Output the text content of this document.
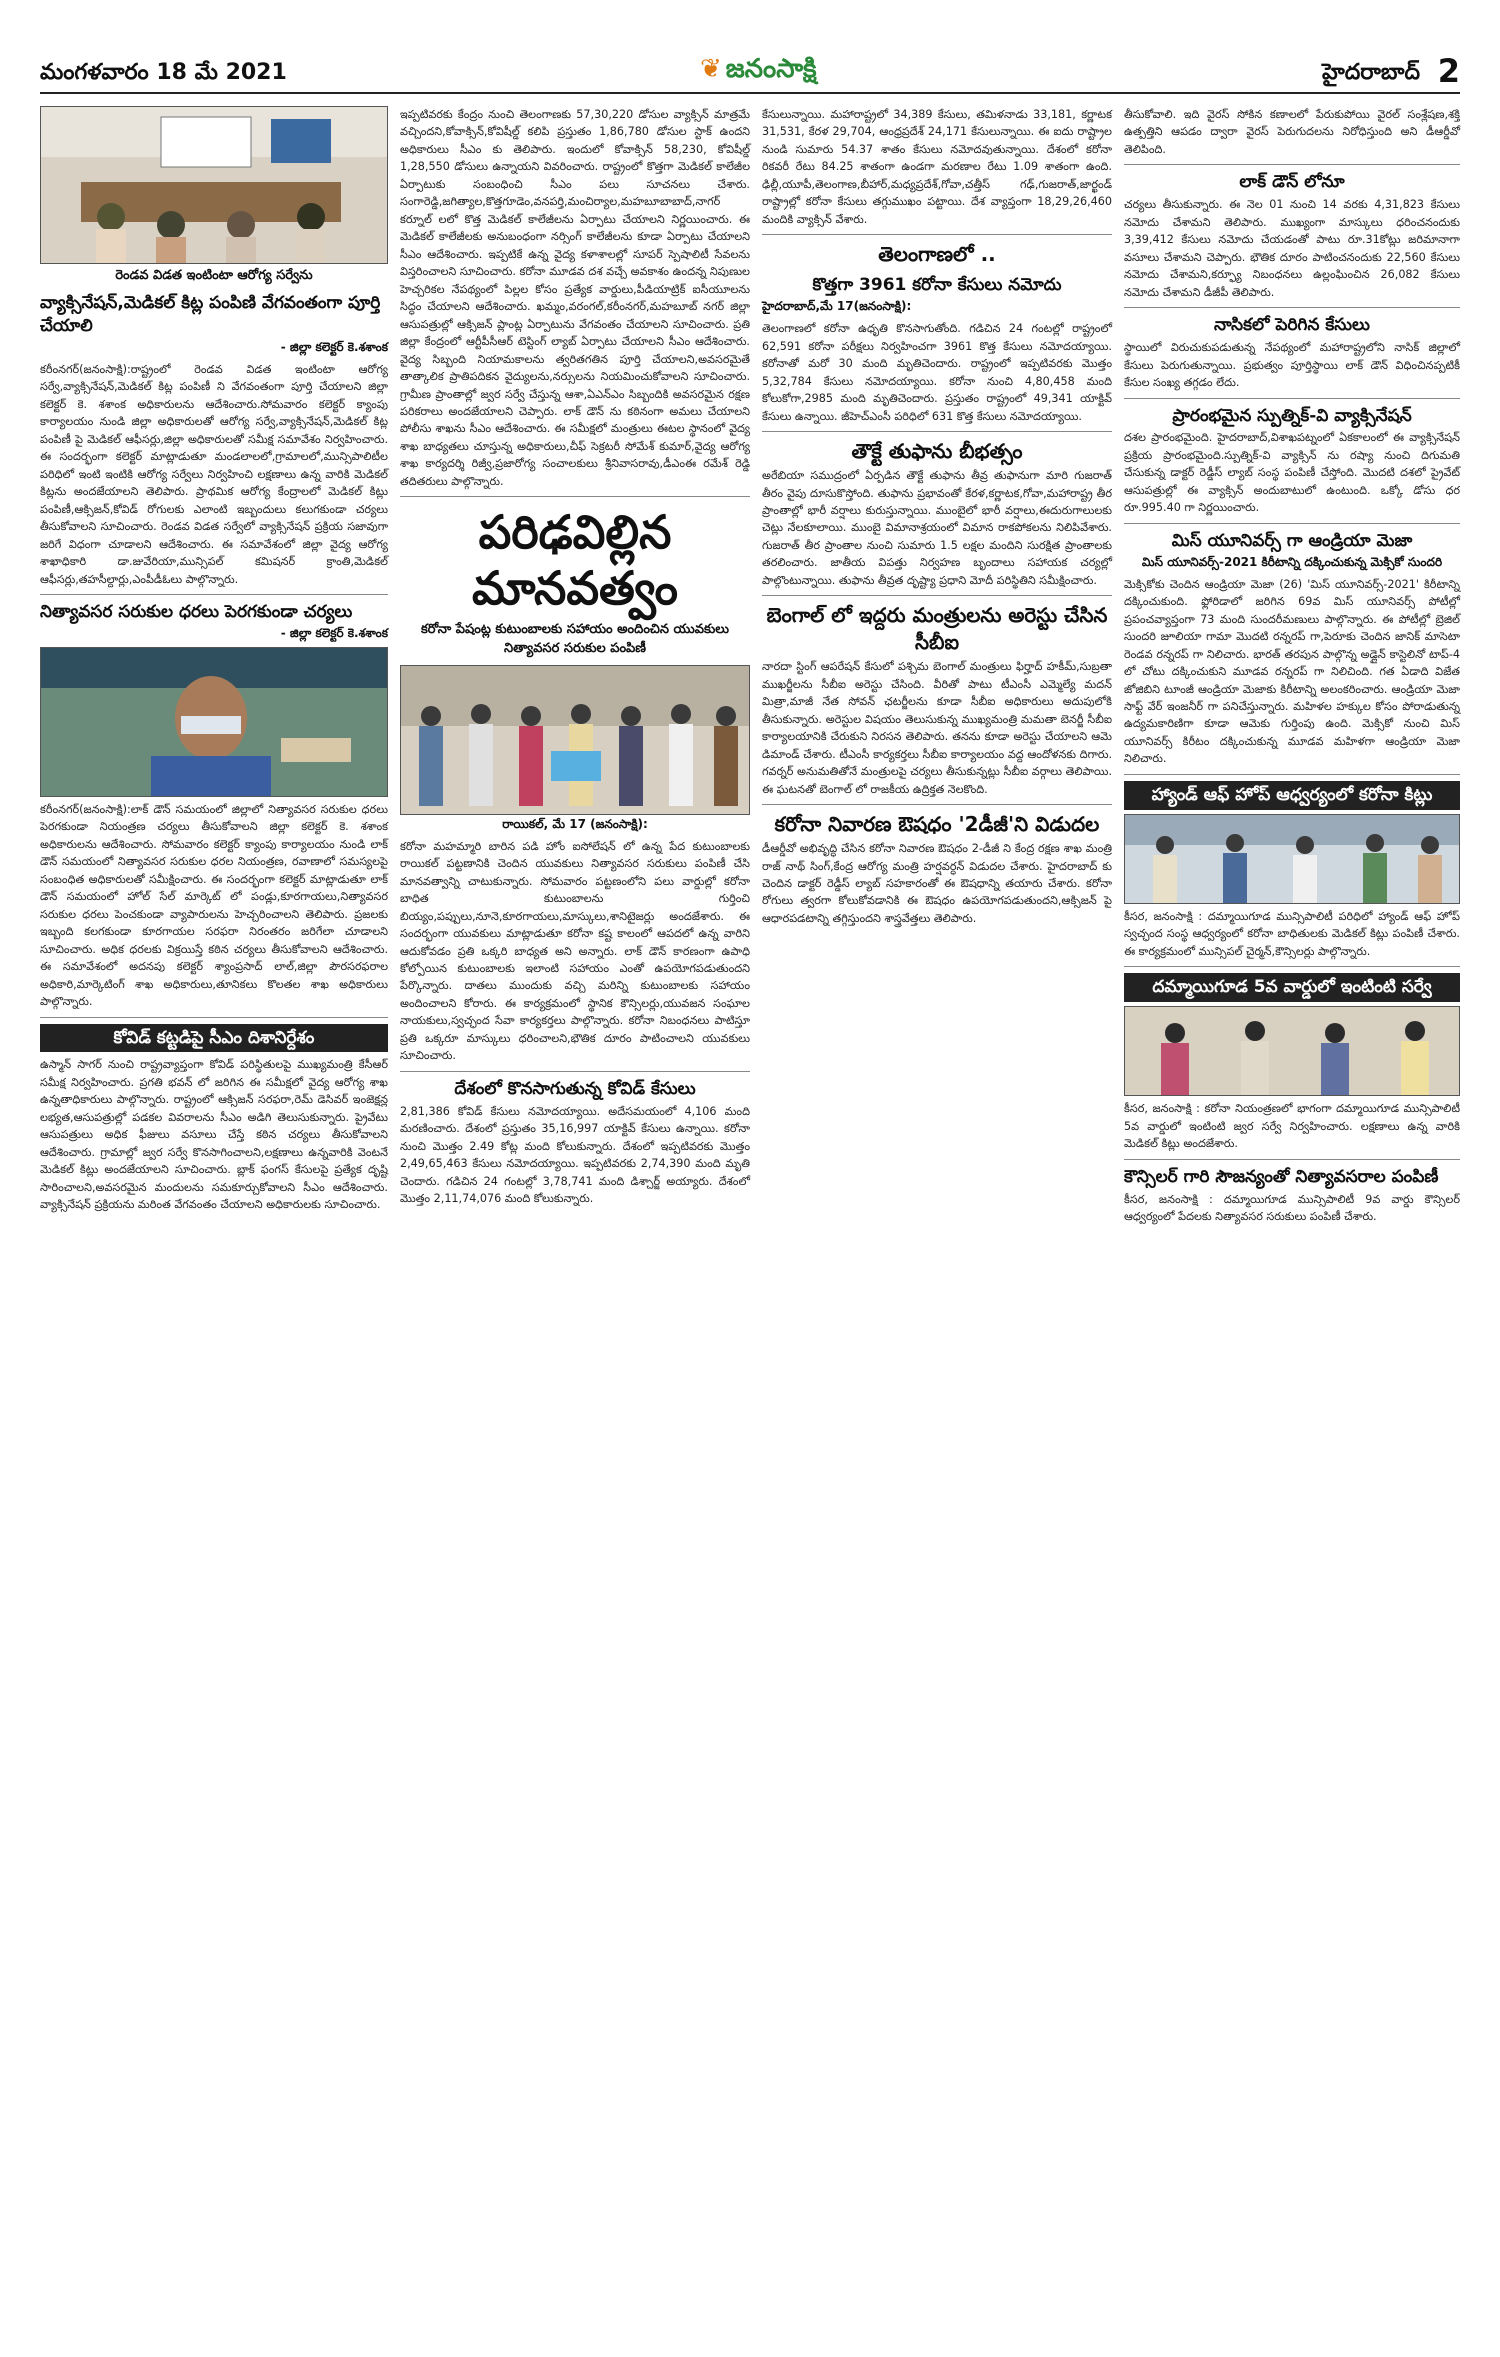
మంగళవారం 18 మే 2021	❦ జనంసాక్షి	హైదరాబాద్ 2
రెండవ విడత ఇంటింటా ఆరోగ్య సర్వేను
వ్యాక్సినేషన్,మెడికల్ కిట్ల పంపిణి వేగవంతంగా పూర్తి చేయాలి
- జిల్లా కలెక్టర్ కె.శశాంక
కరీంనగర్(జనంసాక్షి):రాష్ట్రంలో రెండవ విడత ఇంటింటా ఆరోగ్య సర్వే,వ్యాక్సినేషన్,మెడికల్ కిట్ల పంపిణీ ని వేగవంతంగా పూర్తి చేయాలని జిల్లా కలెక్టర్ కె. శశాంక అధికారులను ఆదేశించారు.సోమవారం కలెక్టర్ క్యాంపు కార్యాలయం నుండి జిల్లా అధికారులతో ఆరోగ్య సర్వే,వ్యాక్సినేషన్,మెడికల్ కిట్ల పంపిణీ పై మెడికల్ ఆఫీసర్లు,జిల్లా అధికారులతో సమీక్ష సమావేశం నిర్వహించారు. ఈ సందర్భంగా కలెక్టర్ మాట్లాడుతూ మండలాలలో,గ్రామాలలో,మున్సిపాలిటీల పరిధిలో ఇంటి ఇంటికి ఆరోగ్య సర్వేలు నిర్వహించి లక్షణాలు ఉన్న వారికి మెడికల్ కిట్లను అందజేయాలని తెలిపారు. ప్రాథమిక ఆరోగ్య కేంద్రాలలో మెడికల్ కిట్లు పంపిణీ,ఆక్సిజన్,కోవిడ్ రోగులకు ఎలాంటి ఇబ్బందులు కలుగకుండా చర్యలు తీసుకోవాలని సూచించారు. రెండవ విడత సర్వేలో వ్యాక్సినేషన్ ప్రక్రియ సజావుగా జరిగే విధంగా చూడాలని ఆదేశించారు. ఈ సమావేశంలో జిల్లా వైద్య ఆరోగ్య శాఖాధికారి డా.జువేరియా,మున్సిపల్ కమిషనర్ క్రాంతి,మెడికల్ ఆఫీసర్లు,తహసీల్దార్లు,ఎంపీడీఓలు పాల్గొన్నారు.
నిత్యావసర సరుకుల ధరలు పెరగకుండా చర్యలు
- జిల్లా కలెక్టర్ కె.శశాంక
కరీంనగర్(జనంసాక్షి):లాక్ డౌన్ సమయంలో జిల్లాలో నిత్యావసర సరుకుల ధరలు పెరగకుండా నియంత్రణ చర్యలు తీసుకోవాలని జిల్లా కలెక్టర్ కె. శశాంక అధికారులను ఆదేశించారు. సోమవారం కలెక్టర్ క్యాంపు కార్యాలయం నుండి లాక్ డౌన్ సమయంలో నిత్యావసర సరుకుల ధరల నియంత్రణ, రవాణాలో సమస్యలపై సంబంధిత అధికారులతో సమీక్షించారు. ఈ సందర్భంగా కలెక్టర్ మాట్లాడుతూ లాక్ డౌన్ సమయంలో హోల్ సేల్ మార్కెట్ లో పండ్లు,కూరగాయలు,నిత్యావసర సరుకుల ధరలు పెంచకుండా వ్యాపారులను హెచ్చరించాలని తెలిపారు. ప్రజలకు ఇబ్బంది కలగకుండా కూరగాయల సరఫరా నిరంతరం జరిగేలా చూడాలని సూచించారు. అధిక ధరలకు విక్రయిస్తే కఠిన చర్యలు తీసుకోవాలని ఆదేశించారు. ఈ సమావేశంలో అదనపు కలెక్టర్ శ్యాంప్రసాద్ లాల్,జిల్లా పౌరసరఫరాల అధికారి,మార్కెటింగ్ శాఖ అధికారులు,తూనికలు కొలతల శాఖ అధికారులు పాల్గొన్నారు.
కోవిడ్ కట్టడిపై సీఎం దిశానిర్దేశం
ఉస్మాన్ సాగర్ నుంచి రాష్ట్రవ్యాప్తంగా కోవిడ్ పరిస్థితులపై ముఖ్యమంత్రి కేసీఆర్ సమీక్ష నిర్వహించారు. ప్రగతి భవన్ లో జరిగిన ఈ సమీక్షలో వైద్య ఆరోగ్య శాఖ ఉన్నతాధికారులు పాల్గొన్నారు. రాష్ట్రంలో ఆక్సిజన్ సరఫరా,రెమ్ డెసివర్ ఇంజెక్షన్ల లభ్యత,ఆసుపత్రుల్లో పడకల వివరాలను సీఎం అడిగి తెలుసుకున్నారు. ప్రైవేటు ఆసుపత్రులు అధిక ఫీజులు వసూలు చేస్తే కఠిన చర్యలు తీసుకోవాలని ఆదేశించారు. గ్రామాల్లో జ్వర సర్వే కొనసాగించాలని,లక్షణాలు ఉన్నవారికి వెంటనే మెడికల్ కిట్లు అందజేయాలని సూచించారు. బ్లాక్ ఫంగస్ కేసులపై ప్రత్యేక దృష్టి సారించాలని,అవసరమైన మందులను సమకూర్చుకోవాలని సీఎం ఆదేశించారు. వ్యాక్సినేషన్ ప్రక్రియను మరింత వేగవంతం చేయాలని అధికారులకు సూచించారు.
ఇప్పటివరకు కేంద్రం నుంచి తెలంగాణకు 57,30,220 డోసుల వ్యాక్సిన్ మాత్రమే వచ్చిందని,కోవాక్సిన్,కోవిషీల్డ్ కలిపి ప్రస్తుతం 1,86,780 డోసుల స్టాక్ ఉందని అధికారులు సీఎం కు తెలిపారు. ఇందులో కోవాక్సిన్ 58,230, కోవిషీల్డ్ 1,28,550 డోసులు ఉన్నాయని వివరించారు. రాష్ట్రంలో కొత్తగా మెడికల్ కాలేజీల ఏర్పాటుకు సంబంధించి సీఎం పలు సూచనలు చేశారు. సంగారెడ్డి,జగిత్యాల,కొత్తగూడెం,వనపర్తి,మంచిర్యాల,మహబూబాబాద్,నాగర్ కర్నూల్ లలో కొత్త మెడికల్ కాలేజీలను ఏర్పాటు చేయాలని నిర్ణయించారు. ఈ మెడికల్ కాలేజీలకు అనుబంధంగా నర్సింగ్ కాలేజీలను కూడా ఏర్పాటు చేయాలని సీఎం ఆదేశించారు. ఇప్పటికే ఉన్న వైద్య కళాశాలల్లో సూపర్ స్పెషాలిటీ సేవలను విస్తరించాలని సూచించారు. కరోనా మూడవ దశ వచ్చే అవకాశం ఉందన్న నిపుణుల హెచ్చరికల నేపథ్యంలో పిల్లల కోసం ప్రత్యేక వార్డులు,పీడియాట్రిక్ ఐసీయూలను సిద్ధం చేయాలని ఆదేశించారు. ఖమ్మం,వరంగల్,కరీంనగర్,మహబూబ్ నగర్ జిల్లా ఆసుపత్రుల్లో ఆక్సిజన్ ప్లాంట్ల ఏర్పాటును వేగవంతం చేయాలని సూచించారు. ప్రతి జిల్లా కేంద్రంలో ఆర్టీపీసీఆర్ టెస్టింగ్ ల్యాబ్ ఏర్పాటు చేయాలని సీఎం ఆదేశించారు. వైద్య సిబ్బంది నియామకాలను త్వరితగతిన పూర్తి చేయాలని,అవసరమైతే తాత్కాలిక ప్రాతిపదికన వైద్యులను,నర్సులను నియమించుకోవాలని సూచించారు. గ్రామీణ ప్రాంతాల్లో జ్వర సర్వే చేస్తున్న ఆశా,ఏఎన్ఎం సిబ్బందికి అవసరమైన రక్షణ పరికరాలు అందజేయాలని చెప్పారు. లాక్ డౌన్ ను కఠినంగా అమలు చేయాలని పోలీసు శాఖను సీఎం ఆదేశించారు. ఈ సమీక్షలో మంత్రులు ఈటల స్థానంలో వైద్య శాఖ బాధ్యతలు చూస్తున్న అధికారులు,చీఫ్ సెక్రటరీ సోమేశ్ కుమార్,వైద్య ఆరోగ్య శాఖ కార్యదర్శి రిజ్వీ,ప్రజారోగ్య సంచాలకులు శ్రీనివాసరావు,డీఎంఈ రమేశ్ రెడ్డి తదితరులు పాల్గొన్నారు.
పరిఢవిల్లిన మానవత్వం
కరోనా పేషంట్ల కుటుంబాలకు సహాయం అందించిన యువకులు నిత్యావసర సరుకుల పంపిణీ
రాయికల్, మే 17 (జనంసాక్షి):
కరోనా మహమ్మారి బారిన పడి హోం ఐసోలేషన్ లో ఉన్న పేద కుటుంబాలకు రాయికల్ పట్టణానికి చెందిన యువకులు నిత్యావసర సరుకులు పంపిణీ చేసి మానవత్వాన్ని చాటుకున్నారు. సోమవారం పట్టణంలోని పలు వార్డుల్లో కరోనా బాధిత కుటుంబాలను గుర్తించి బియ్యం,పప్పులు,నూనె,కూరగాయలు,మాస్కులు,శానిటైజర్లు అందజేశారు. ఈ సందర్భంగా యువకులు మాట్లాడుతూ కరోనా కష్ట కాలంలో ఆపదలో ఉన్న వారిని ఆదుకోవడం ప్రతి ఒక్కరి బాధ్యత అని అన్నారు. లాక్ డౌన్ కారణంగా ఉపాధి కోల్పోయిన కుటుంబాలకు ఇలాంటి సహాయం ఎంతో ఉపయోగపడుతుందని పేర్కొన్నారు. దాతలు ముందుకు వచ్చి మరిన్ని కుటుంబాలకు సహాయం అందించాలని కోరారు. ఈ కార్యక్రమంలో స్థానిక కౌన్సిలర్లు,యువజన సంఘాల నాయకులు,స్వచ్ఛంద సేవా కార్యకర్తలు పాల్గొన్నారు. కరోనా నిబంధనలు పాటిస్తూ ప్రతి ఒక్కరూ మాస్కులు ధరించాలని,భౌతిక దూరం పాటించాలని యువకులు సూచించారు.
దేశంలో కొనసాగుతున్న కోవిడ్ కేసులు
2,81,386 కోవిడ్ కేసులు నమోదయ్యాయి. అదేసమయంలో 4,106 మంది మరణించారు. దేశంలో ప్రస్తుతం 35,16,997 యాక్టివ్ కేసులు ఉన్నాయి. కరోనా నుంచి మొత్తం 2.49 కోట్ల మంది కోలుకున్నారు. దేశంలో ఇప్పటివరకు మొత్తం 2,49,65,463 కేసులు నమోదయ్యాయి. ఇప్పటివరకు 2,74,390 మంది మృతి చెందారు. గడిచిన 24 గంటల్లో 3,78,741 మంది డిశ్చార్జ్ అయ్యారు. దేశంలో మొత్తం 2,11,74,076 మంది కోలుకున్నారు.
కేసులున్నాయి. మహారాష్ట్రలో 34,389 కేసులు, తమిళనాడు 33,181, కర్ణాటక 31,531, కేరళ 29,704, ఆంధ్రప్రదేశ్ 24,171 కేసులున్నాయి. ఈ ఐదు రాష్ట్రాల నుండి సుమారు 54.37 శాతం కేసులు నమోదవుతున్నాయి. దేశంలో కరోనా రికవరీ రేటు 84.25 శాతంగా ఉండగా మరణాల రేటు 1.09 శాతంగా ఉంది. ఢిల్లీ,యూపీ,తెలంగాణ,బీహార్,మధ్యప్రదేశ్,గోవా,చత్తీస్ గఢ్,గుజరాత్,జార్ఖండ్ రాష్ట్రాల్లో కరోనా కేసులు తగ్గుముఖం పట్టాయి. దేశ వ్యాప్తంగా 18,29,26,460 మందికి వ్యాక్సిన్ వేశారు.
తెలంగాణలో ..
కొత్తగా 3961 కరోనా కేసులు నమోదు
హైదరాబాద్,మే 17(జనంసాక్షి):
తెలంగాణలో కరోనా ఉధృతి కొనసాగుతోంది. గడిచిన 24 గంటల్లో రాష్ట్రంలో 62,591 కరోనా పరీక్షలు నిర్వహించగా 3961 కొత్త కేసులు నమోదయ్యాయి. కరోనాతో మరో 30 మంది మృతిచెందారు. రాష్ట్రంలో ఇప్పటివరకు మొత్తం 5,32,784 కేసులు నమోదయ్యాయి. కరోనా నుంచి 4,80,458 మంది కోలుకోగా,2985 మంది మృతిచెందారు. ప్రస్తుతం రాష్ట్రంలో 49,341 యాక్టివ్ కేసులు ఉన్నాయి. జీహెచ్ఎంసీ పరిధిలో 631 కొత్త కేసులు నమోదయ్యాయి.
తౌక్టే తుఫాను బీభత్సం
అరేబియా సముద్రంలో ఏర్పడిన తౌక్టే తుఫాను తీవ్ర తుఫానుగా మారి గుజరాత్ తీరం వైపు దూసుకొస్తోంది. తుఫాను ప్రభావంతో కేరళ,కర్ణాటక,గోవా,మహారాష్ట్ర తీర ప్రాంతాల్లో భారీ వర్షాలు కురుస్తున్నాయి. ముంబైలో భారీ వర్షాలు,ఈదురుగాలులకు చెట్లు నేలకూలాయి. ముంబై విమానాశ్రయంలో విమాన రాకపోకలను నిలిపివేశారు. గుజరాత్ తీర ప్రాంతాల నుంచి సుమారు 1.5 లక్షల మందిని సురక్షిత ప్రాంతాలకు తరలించారు. జాతీయ విపత్తు నిర్వహణ బృందాలు సహాయక చర్యల్లో పాల్గొంటున్నాయి. తుఫాను తీవ్రత దృష్ట్యా ప్రధాని మోదీ పరిస్థితిని సమీక్షించారు.
బెంగాల్ లో ఇద్దరు మంత్రులను అరెస్టు చేసిన సీబీఐ
నారదా స్టింగ్ ఆపరేషన్ కేసులో పశ్చిమ బెంగాల్ మంత్రులు ఫిర్హాద్ హకీమ్,సుబ్రతా ముఖర్జీలను సీబీఐ అరెస్టు చేసింది. వీరితో పాటు టీఎంసీ ఎమ్మెల్యే మదన్ మిత్రా,మాజీ నేత సోవన్ ఛటర్జీలను కూడా సీబీఐ అధికారులు అదుపులోకి తీసుకున్నారు. అరెస్టుల విషయం తెలుసుకున్న ముఖ్యమంత్రి మమతా బెనర్జీ సీబీఐ కార్యాలయానికి చేరుకుని నిరసన తెలిపారు. తనను కూడా అరెస్టు చేయాలని ఆమె డిమాండ్ చేశారు. టీఎంసీ కార్యకర్తలు సీబీఐ కార్యాలయం వద్ద ఆందోళనకు దిగారు. గవర్నర్ అనుమతితోనే మంత్రులపై చర్యలు తీసుకున్నట్లు సీబీఐ వర్గాలు తెలిపాయి. ఈ ఘటనతో బెంగాల్ లో రాజకీయ ఉద్రిక్తత నెలకొంది.
కరోనా నివారణ ఔషధం '2డీజీ'ని విడుదల
డీఆర్డీవో అభివృద్ధి చేసిన కరోనా నివారణ ఔషధం 2-డీజీ ని కేంద్ర రక్షణ శాఖ మంత్రి రాజ్ నాథ్ సింగ్,కేంద్ర ఆరోగ్య మంత్రి హర్షవర్ధన్ విడుదల చేశారు. హైదరాబాద్ కు చెందిన డాక్టర్ రెడ్డీస్ ల్యాబ్ సహకారంతో ఈ ఔషధాన్ని తయారు చేశారు. కరోనా రోగులు త్వరగా కోలుకోవడానికి ఈ ఔషధం ఉపయోగపడుతుందని,ఆక్సిజన్ పై ఆధారపడటాన్ని తగ్గిస్తుందని శాస్త్రవేత్తలు తెలిపారు.
తీసుకోవాలి. ఇది వైరస్ సోకిన కణాలలో పేరుకుపోయి వైరల్ సంశ్లేషణ,శక్తి ఉత్పత్తిని ఆపడం ద్వారా వైరస్ పెరుగుదలను నిరోధిస్తుంది అని డీఆర్డీవో తెలిపింది.
లాక్ డౌన్ లోనూ
చర్యలు తీసుకున్నారు. ఈ నెల 01 నుంచి 14 వరకు 4,31,823 కేసులు నమోదు చేశామని తెలిపారు. ముఖ్యంగా మాస్కులు ధరించనందుకు 3,39,412 కేసులు నమోదు చేయడంతో పాటు రూ.31కోట్లు జరిమానాగా వసూలు చేశామని చెప్పారు. భౌతిక దూరం పాటించనందుకు 22,560 కేసులు నమోదు చేశామని,కర్ఫ్యూ నిబంధనలు ఉల్లంఘించిన 26,082 కేసులు నమోదు చేశామని డీజీపీ తెలిపారు.
నాసికలో పెరిగిన కేసులు
స్థాయిలో విరుచుకుపడుతున్న నేపథ్యంలో మహారాష్ట్రలోని నాసిక్ జిల్లాలో కేసులు పెరుగుతున్నాయి. ప్రభుత్వం పూర్తిస్థాయి లాక్ డౌన్ విధించినప్పటికీ కేసుల సంఖ్య తగ్గడం లేదు.
ప్రారంభమైన స్పుత్నిక్-వి వ్యాక్సినేషన్
దశల ప్రారంభమైంది. హైదరాబాద్,విశాఖపట్నంలో ఏకకాలంలో ఈ వ్యాక్సినేషన్ ప్రక్రియ ప్రారంభమైంది.స్పుత్నిక్-వి వ్యాక్సిన్ ను రష్యా నుంచి దిగుమతి చేసుకున్న డాక్టర్ రెడ్డీస్ ల్యాబ్ సంస్థ పంపిణీ చేస్తోంది. మొదటి దశలో ప్రైవేట్ ఆసుపత్రుల్లో ఈ వ్యాక్సిన్ అందుబాటులో ఉంటుంది. ఒక్కో డోసు ధర రూ.995.40 గా నిర్ణయించారు.
మిస్ యూనివర్స్ గా ఆండ్రియా మెజా
మిస్ యూనివర్స్-2021 కిరీటాన్ని దక్కించుకున్న మెక్సికో సుందరి
మెక్సికోకు చెందిన ఆండ్రియా మెజా (26) 'మిస్ యూనివర్స్-2021' కిరీటాన్ని దక్కించుకుంది. ఫ్లోరిడాలో జరిగిన 69వ మిస్ యూనివర్స్ పోటీల్లో ప్రపంచవ్యాప్తంగా 73 మంది సుందరీమణులు పాల్గొన్నారు. ఈ పోటీల్లో బ్రెజిల్ సుందరి జూలియా గామా మొదటి రన్నరప్ గా,పెరూకు చెందిన జానిక్ మాసెటా రెండవ రన్నరప్ గా నిలిచారు. భారత్ తరపున పాల్గొన్న అడ్లైన్ కాస్టెలినో టాప్-4 లో చోటు దక్కించుకుని మూడవ రన్నరప్ గా నిలిచింది. గత ఏడాది విజేత జోజిబిని టూంజీ ఆండ్రియా మెజాకు కిరీటాన్ని అలంకరించారు. ఆండ్రియా మెజా సాఫ్ట్ వేర్ ఇంజనీర్ గా పనిచేస్తున్నారు. మహిళల హక్కుల కోసం పోరాడుతున్న ఉద్యమకారిణిగా కూడా ఆమెకు గుర్తింపు ఉంది. మెక్సికో నుంచి మిస్ యూనివర్స్ కిరీటం దక్కించుకున్న మూడవ మహిళగా ఆండ్రియా మెజా నిలిచారు.
హ్యాండ్ ఆఫ్ హోప్ ఆధ్వర్యంలో కరోనా కిట్లు
కీసర, జనంసాక్షి : దమ్మాయిగూడ మున్సిపాలిటీ పరిధిలో హ్యాండ్ ఆఫ్ హోప్ స్వచ్ఛంద సంస్థ ఆధ్వర్యంలో కరోనా బాధితులకు మెడికల్ కిట్లు పంపిణీ చేశారు. ఈ కార్యక్రమంలో మున్సిపల్ చైర్మన్,కౌన్సిలర్లు పాల్గొన్నారు.
దమ్మాయిగూడ 5వ వార్డులో ఇంటింటి సర్వే
కీసర, జనంసాక్షి : కరోనా నియంత్రణలో భాగంగా దమ్మాయిగూడ మున్సిపాలిటీ 5వ వార్డులో ఇంటింటి జ్వర సర్వే నిర్వహించారు. లక్షణాలు ఉన్న వారికి మెడికల్ కిట్లు అందజేశారు.
కౌన్సిలర్ గారి సౌజన్యంతో నిత్యావసరాల పంపిణీ
కీసర, జనంసాక్షి : దమ్మాయిగూడ మున్సిపాలిటీ 9వ వార్డు కౌన్సిలర్ ఆధ్వర్యంలో పేదలకు నిత్యావసర సరుకులు పంపిణీ చేశారు.
